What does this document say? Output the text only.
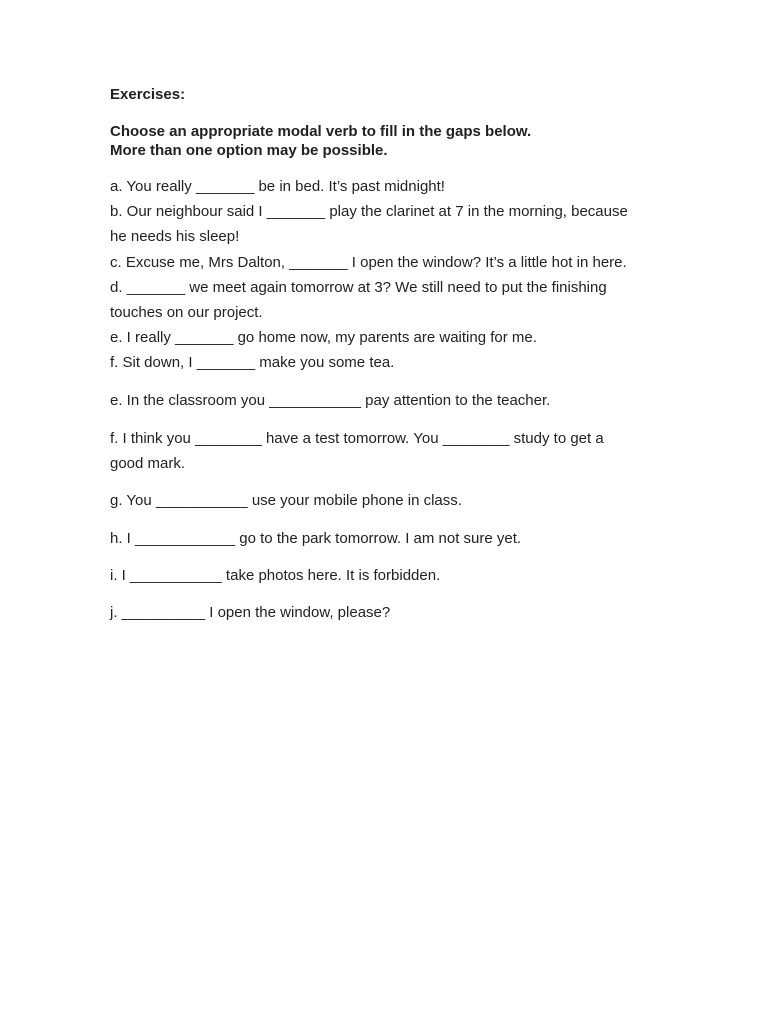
Exercises:

Choose an appropriate modal verb to fill in the gaps below.
More than one option may be possible.

a. You really _______ be in bed. It’s past midnight!
b. Our neighbour said I _______ play the clarinet at 7 in the morning, because
he needs his sleep!
c. Excuse me, Mrs Dalton, _______ I open the window? It’s a little hot in here.
d. _______ we meet again tomorrow at 3? We still need to put the finishing
touches on our project.
e. I really _______ go home now, my parents are waiting for me.
f. Sit down, I _______ make you some tea.

e. In the classroom you ___________ pay attention to the teacher.

f. I think you ________ have a test tomorrow. You ________ study to get a
good mark.

g. You ___________ use your mobile phone in class.

h. I ____________ go to the park tomorrow. I am not sure yet.

i. I ___________ take photos here. It is forbidden.

j. __________ I open the window, please?
